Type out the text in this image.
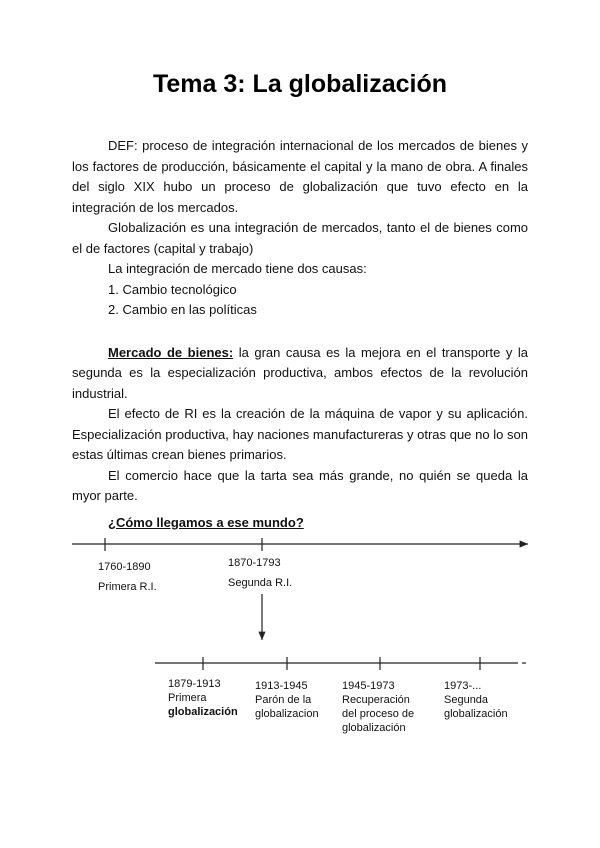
Tema 3: La globalización

DEF: proceso de integración internacional de los mercados de bienes y los factores de producción, básicamente el capital y la mano de obra. A finales del siglo XIX hubo un proceso de globalización que tuvo efecto en la integración de los mercados.

Globalización es una integración de mercados, tanto el de bienes como el de factores (capital y trabajo)

La integración de mercado tiene dos causas:

1. Cambio tecnológico

2. Cambio en las políticas

Mercado de bienes: la gran causa es la mejora en el transporte y la segunda es la especialización productiva, ambos efectos de la revolución industrial.

El efecto de RI es la creación de la máquina de vapor y su aplicación. Especialización productiva, hay naciones manufactureras y otras que no lo son estas últimas crean bienes primarios.

El comercio hace que la tarta sea más grande, no quién se queda la myor parte.

¿Cómo llegamos a ese mundo?

1760-1890
Primera R.I.
1870-1793
Segunda R.I.
1879-1913
Primera
globalización
1913-1945
Parón de la
globalizacion
1945-1973
Recuperación
del proceso de
globalización
1973-...
Segunda
globalización
